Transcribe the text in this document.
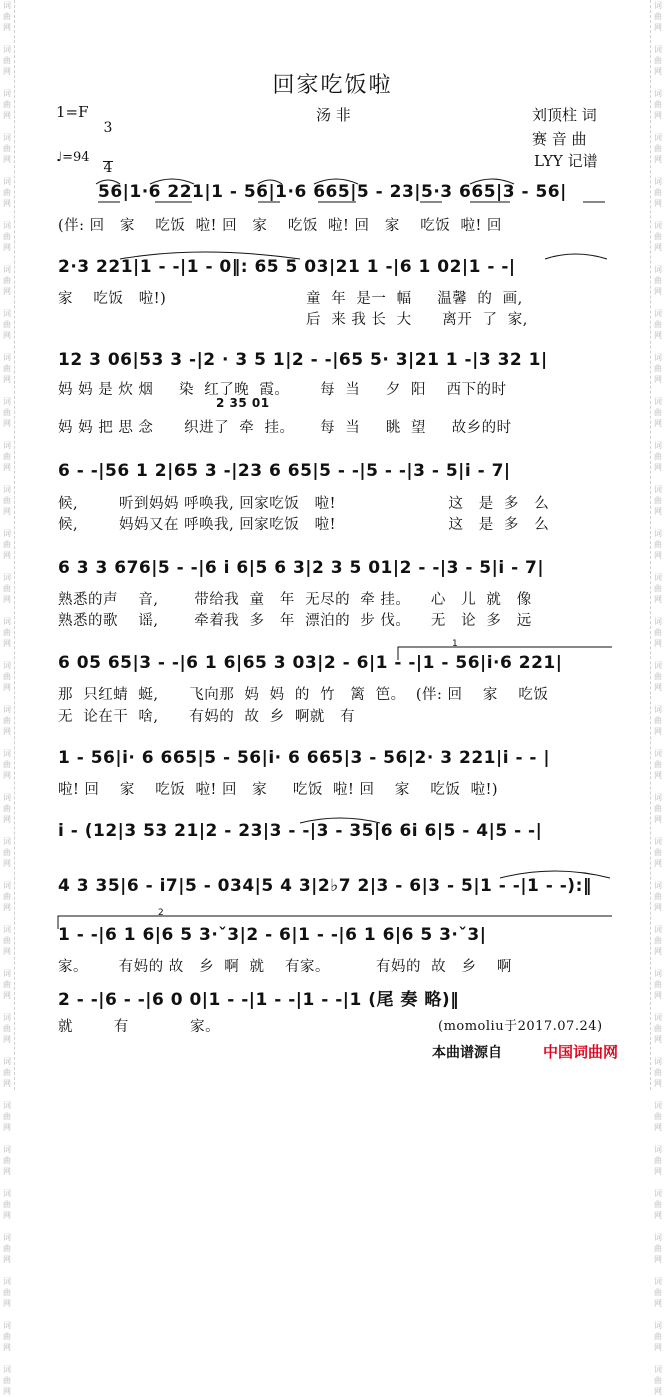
词
曲
网

词
曲
网

词
曲
网

词
曲
网

词
曲
网

词
曲
网

词
曲
网

词
曲
网

词
曲
网

词
曲
网

词
曲
网

词
曲
网

词
曲
网

词
曲
网

词
曲
网

词
曲
网

词
曲
网

词
曲
网

词
曲
网

词
曲
网

词
曲
网

词
曲
网

词
曲
网

词
曲
网

词
曲
网

词
曲
网

词
曲
网

词
曲
网

词
曲
网

词
曲
网

词
曲
网

词
曲
网

词
曲
网

词
曲
网

词
曲
网

词
曲
网

词
曲
网

词
曲
网

词
曲
网

词
曲
网

词
曲
网

词
曲
网

词
曲
网

词
曲
网

词
曲
网

词
曲
网

词
曲
网

词
曲
网

词
曲
网

词
曲
网

词
曲
网

词
曲
网

词
曲
网

词
曲
网

词
曲
网

词
曲
网

词
曲
网

词
曲
网

词
曲
网

词
曲
网

词
曲
网

词
曲
网

词
曲
网

词
曲
网

回家吃饭啦
1=F

3

4

汤 非	刘顶柱 词
赛 音 曲
♩=94	LYY 记谱
56|1·6 221|1 - 56|1·6 665|5 - 23|5·3 665|3 - 56|
2·3 221|1 - -|1 - 0‖: 65 5 03|21 1 -|6 1 02|1 - -|
12 3 06|53 3 -|2 · 3 5 1|2 - -|65 5· 3|21 1 -|3 32 1|
6 - -|56 1 2|65 3 -|23 6 65|5 - -|5 - -|3 - 5|i - 7|
6 3 3 676|5 - -|6 i 6|5 6 3|2 3 5 01|2 - -|3 - 5|i - 7|
6 05 65|3 - -|6 1 6|65 3 03|2 - 6|1 - -|1 - 56|i·6 221|
1 - 56|i· 6 665|5 - 56|i· 6 665|3 - 56|2· 3 221|i - - |
i - (12|3 53 21|2 - 23|3 - -|3 - 35|6 6i 6|5 - 4|5 - -|
4 3 35|6 - i7|5 - 034|5 4 3|2♭7 2|3 - 6|3 - 5|1 - -|1 - -):‖
1 - -|6 1 6|6 5 3·ˇ3|2 - 6|1 - -|6 1 6|6 5 3·ˇ3|
2 - -|6 - -|6 0 0|1 - -|1 - -|1 - -|1 (尾 奏 略)‖
(伴: 回   家    吃饭  啦! 回   家    吃饭  啦! 回   家    吃饭  啦! 回
家    吃饭   啦!)	童  年  是一  幅     温馨  的  画,
后  来 我 长  大      离开  了  家,
妈 妈 是 炊 烟     染  红了晚  霞。      每  当     夕  阳    西下的时
2 35 01
妈 妈 把 思 念      织进了  牵  挂。     每  当     眺  望     故乡的时
候,        听到妈妈 呼唤我, 回家吃饭   啦!                      这   是  多   么
候,        妈妈又在 呼唤我, 回家吃饭   啦!                      这   是  多   么
熟悉的声    音,       带给我  童   年  无尽的  牵 挂。    心   儿  就   像
熟悉的歌    谣,       牵着我  多   年  漂泊的  步 伐。    无   论  多   远
那  只红蜻  蜓,      飞向那  妈  妈  的  竹   篱  笆。  (伴: 回    家    吃饭
无  论在干  啥,      有妈的  故  乡  啊就   有
啦! 回    家    吃饭  啦! 回   家     吃饭  啦! 回    家    吃饭  啦!)
家。      有妈的 故   乡  啊  就    有家。         有妈的  故   乡    啊
就        有            家。	(momoliu于2017.07.24)
1
2
本曲谱源自	中国词曲网
